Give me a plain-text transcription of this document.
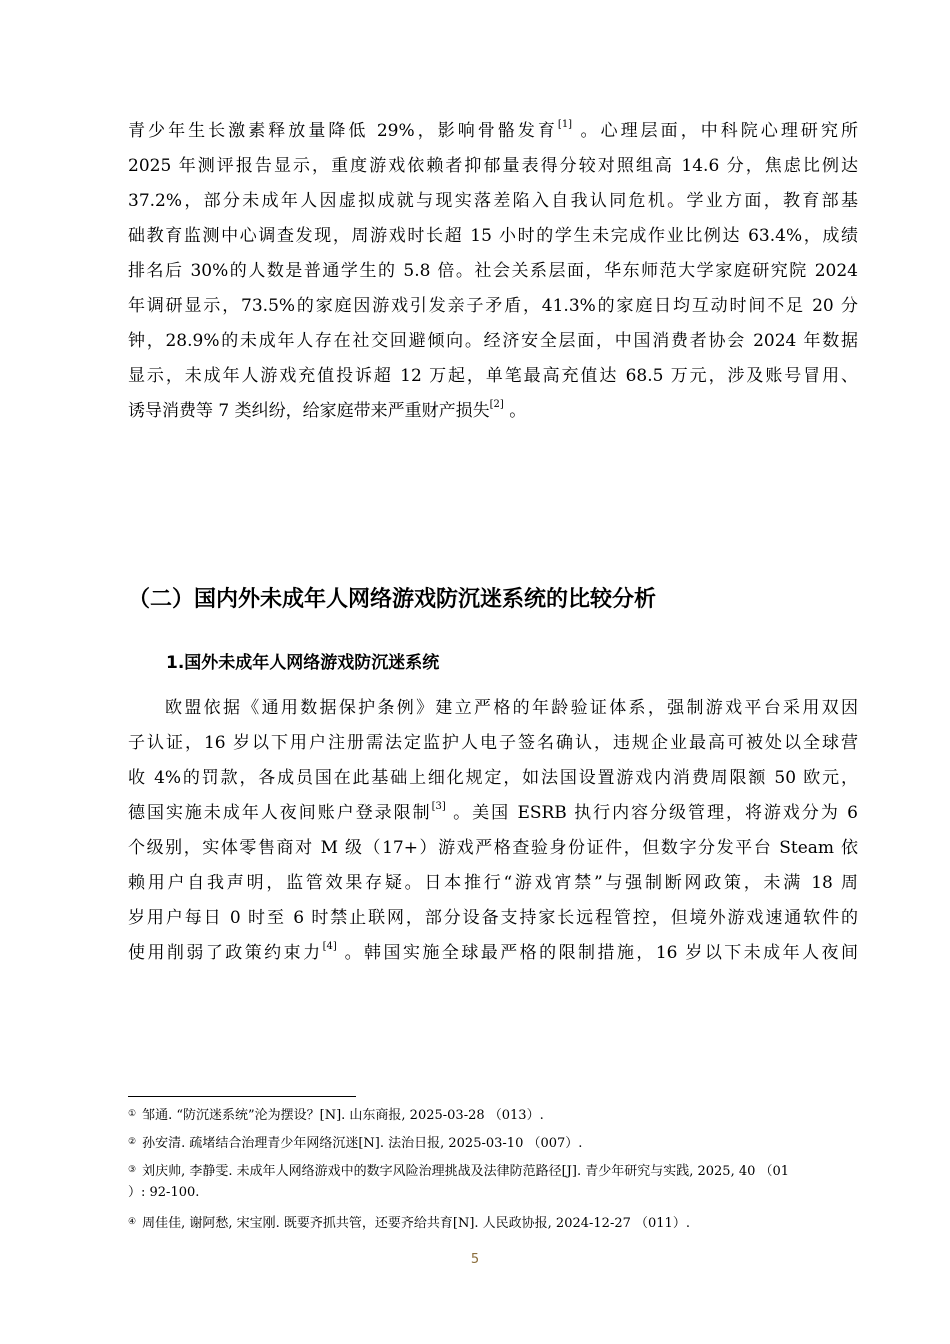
青少年生长激素释放量降低 29%，影响骨骼发育[1] 。心理层面，中科院心理研究所
2025 年测评报告显示，重度游戏依赖者抑郁量表得分较对照组高 14.6 分，焦虑比例达
37.2%，部分未成年人因虚拟成就与现实落差陷入自我认同危机。学业方面，教育部基
础教育监测中心调查发现，周游戏时长超 15 小时的学生未完成作业比例达 63.4%，成绩
排名后 30%的人数是普通学生的 5.8 倍。社会关系层面，华东师范大学家庭研究院 2024
年调研显示，73.5%的家庭因游戏引发亲子矛盾，41.3%的家庭日均互动时间不足 20 分
钟，28.9%的未成年人存在社交回避倾向。经济安全层面，中国消费者协会 2024 年数据
显示，未成年人游戏充值投诉超 12 万起，单笔最高充值达 68.5 万元，涉及账号冒用、
诱导消费等 7 类纠纷，给家庭带来严重财产损失[2] 。
（二）国内外未成年人网络游戏防沉迷系统的比较分析
1.国外未成年人网络游戏防沉迷系统
欧盟依据《通用数据保护条例》建立严格的年龄验证体系，强制游戏平台采用双因
子认证，16 岁以下用户注册需法定监护人电子签名确认，违规企业最高可被处以全球营
收 4%的罚款，各成员国在此基础上细化规定，如法国设置游戏内消费周限额 50 欧元，
德国实施未成年人夜间账户登录限制[3] 。美国 ESRB 执行内容分级管理，将游戏分为 6
个级别，实体零售商对 M 级（17+）游戏严格查验身份证件，但数字分发平台 Steam 依
赖用户自我声明，监管效果存疑。日本推行“游戏宵禁”与强制断网政策，未满 18 周
岁用户每日 0 时至 6 时禁止联网，部分设备支持家长远程管控，但境外游戏速通软件的
使用削弱了政策约束力[4] 。韩国实施全球最严格的限制措施，16 岁以下未成年人夜间
① 邹通. “防沉迷系统”沦为摆设？[N]. 山东商报, 2025-03-28 （013）.
② 孙安清. 疏堵结合治理青少年网络沉迷[N]. 法治日报, 2025-03-10 （007）.
③ 刘庆帅, 李静雯. 未成年人网络游戏中的数字风险治理挑战及法律防范路径[J]. 青少年研究与实践, 2025, 40 （01
）: 92-100.
④ 周佳佳, 谢阿愁, 宋宝刚. 既要齐抓共管，还要齐给共育[N]. 人民政协报, 2024-12-27 （011）.
5
